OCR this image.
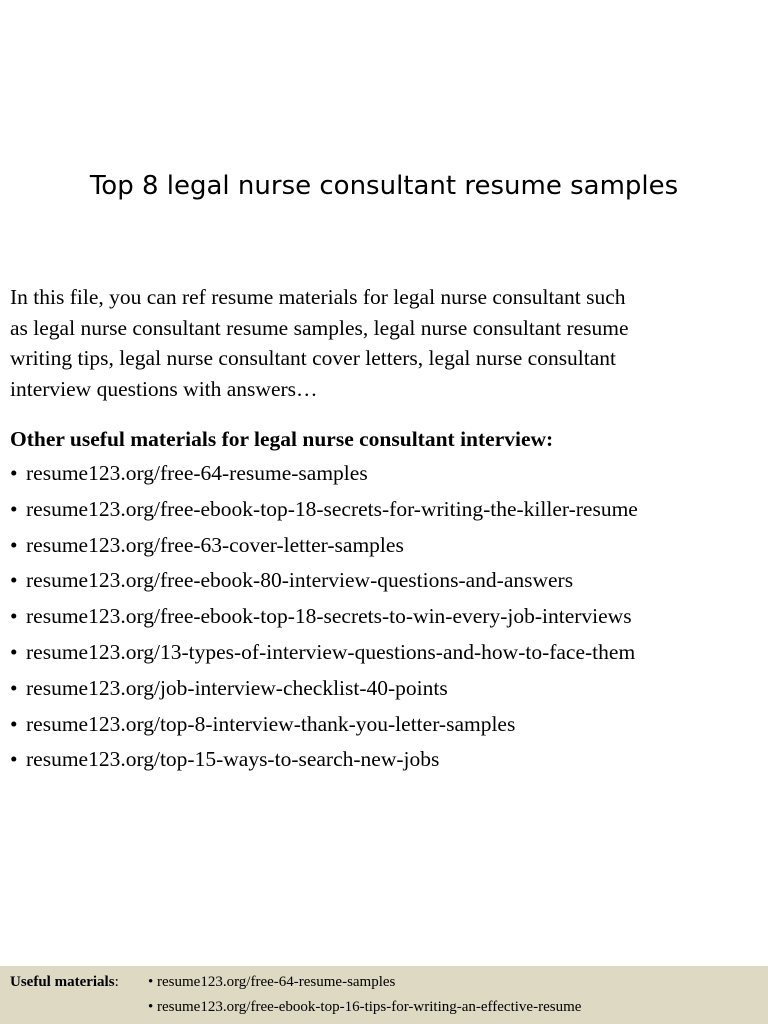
Top 8 legal nurse consultant resume samples

In this file, you can ref resume materials for legal nurse consultant such
as legal nurse consultant resume samples, legal nurse consultant resume
writing tips, legal nurse consultant cover letters, legal nurse consultant
interview questions with answers…

Other useful materials for legal nurse consultant interview:

• resume123.org/free-64-resume-samples
• resume123.org/free-ebook-top-18-secrets-for-writing-the-killer-resume
• resume123.org/free-63-cover-letter-samples
• resume123.org/free-ebook-80-interview-questions-and-answers
• resume123.org/free-ebook-top-18-secrets-to-win-every-job-interviews
• resume123.org/13-types-of-interview-questions-and-how-to-face-them
• resume123.org/job-interview-checklist-40-points
• resume123.org/top-8-interview-thank-you-letter-samples
• resume123.org/top-15-ways-to-search-new-jobs
Useful materials: • resume123.org/free-64-resume-samples
• resume123.org/free-ebook-top-16-tips-for-writing-an-effective-resume
